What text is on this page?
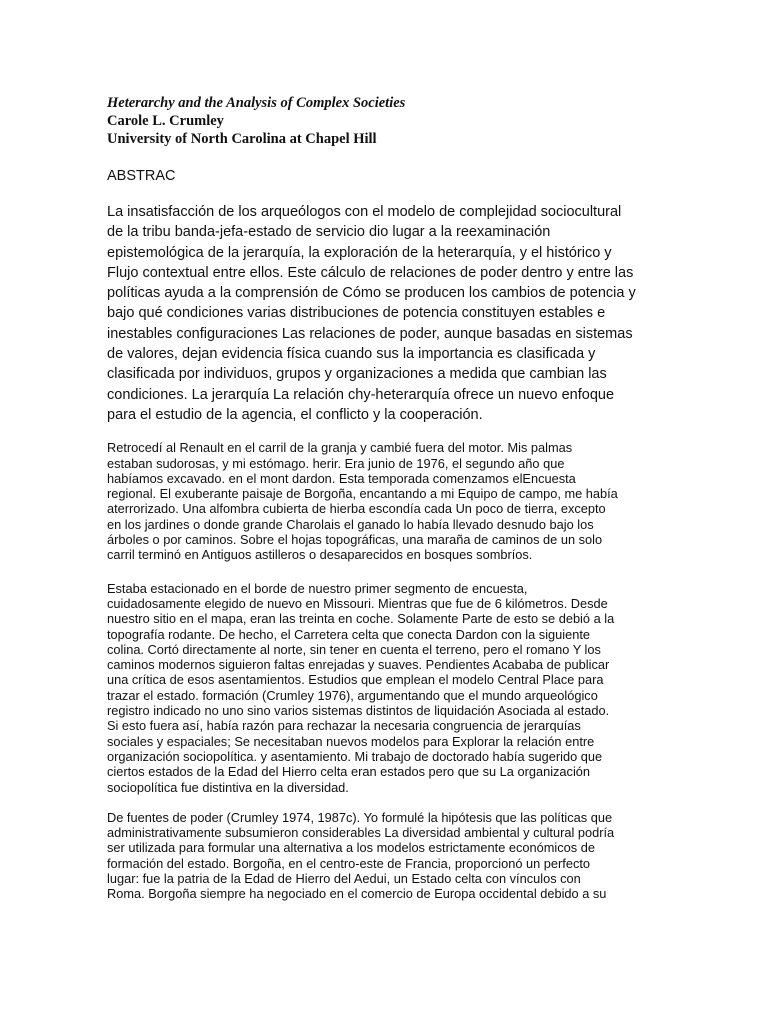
Heterarchy and the Analysis of Complex Societies

Carole L. Crumley

University of North Carolina at Chapel Hill

ABSTRAC

La insatisfacción de los arqueólogos con el modelo de complejidad sociocultural
de la tribu banda-jefa-estado de servicio dio lugar a la reexaminación
epistemológica de la jerarquía, la exploración de la heterarquía, y el histórico y
Flujo contextual entre ellos. Este cálculo de relaciones de poder dentro y entre las
políticas ayuda a la comprensión de Cómo se producen los cambios de potencia y
bajo qué condiciones varias distribuciones de potencia constituyen estables e
inestables configuraciones Las relaciones de poder, aunque basadas en sistemas
de valores, dejan evidencia física cuando sus la importancia es clasificada y
clasificada por individuos, grupos y organizaciones a medida que cambian las
condiciones. La jerarquía La relación chy-heterarquía ofrece un nuevo enfoque
para el estudio de la agencia, el conflicto y la cooperación.

Retrocedí al Renault en el carril de la granja y cambié fuera del motor. Mis palmas
estaban sudorosas, y mi estómago. herir. Era junio de 1976, el segundo año que
habíamos excavado. en el mont dardon. Esta temporada comenzamos elEncuesta
regional. El exuberante paisaje de Borgoña, encantando a mi Equipo de campo, me había
aterrorizado. Una alfombra cubierta de hierba escondía cada Un poco de tierra, excepto
en los jardines o donde grande Charolais el ganado lo había llevado desnudo bajo los
árboles o por caminos. Sobre el hojas topográficas, una maraña de caminos de un solo
carril terminó en Antiguos astilleros o desaparecidos en bosques sombríos.

Estaba estacionado en el borde de nuestro primer segmento de encuesta,
cuidadosamente elegido de nuevo en Missouri. Mientras que fue de 6 kilómetros. Desde
nuestro sitio en el mapa, eran las treinta en coche. Solamente Parte de esto se debió a la
topografía rodante. De hecho, el Carretera celta que conecta Dardon con la siguiente
colina. Cortó directamente al norte, sin tener en cuenta el terreno, pero el romano Y los
caminos modernos siguieron faltas enrejadas y suaves. Pendientes Acababa de publicar
una crítica de esos asentamientos. Estudios que emplean el modelo Central Place para
trazar el estado. formación (Crumley 1976), argumentando que el mundo arqueológico
registro indicado no uno sino varios sistemas distintos de liquidación Asociada al estado.
Si esto fuera así, había razón para rechazar la necesaria congruencia de jerarquías
sociales y espaciales; Se necesitaban nuevos modelos para Explorar la relación entre
organización sociopolítica. y asentamiento. Mi trabajo de doctorado había sugerido que
ciertos estados de la Edad del Hierro celta eran estados pero que su La organización
sociopolítica fue distintiva en la diversidad.

De fuentes de poder (Crumley 1974, 1987c). Yo formulé la hipótesis que las políticas que
administrativamente subsumieron considerables La diversidad ambiental y cultural podría
ser utilizada para formular una alternativa a los modelos estrictamente económicos de
formación del estado. Borgoña, en el centro-este de Francia, proporcionó un perfecto
lugar: fue la patria de la Edad de Hierro del Aedui, un Estado celta con vínculos con
Roma. Borgoña siempre ha negociado en el comercio de Europa occidental debido a su
